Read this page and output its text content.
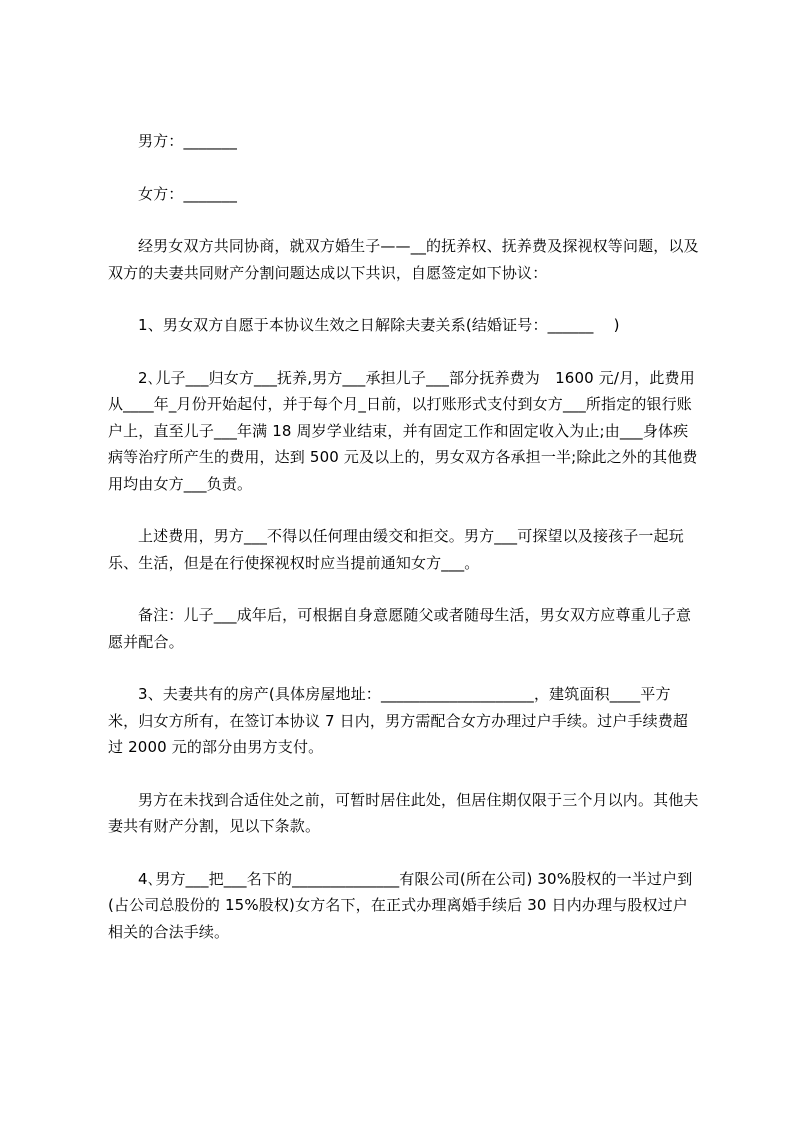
男方：_______

女方：_______

经男女双方共同协商，就双方婚生子——__的抚养权、抚养费及探视权等问题，以及双方的夫妻共同财产分割问题达成以下共识，自愿签定如下协议：

1、男女双方自愿于本协议生效之日解除夫妻关系(结婚证号：______　 )

2､儿子___归女方___抚养,男方___承担儿子___部分抚养费为　1600 元/月，此费用从____年_月份开始起付，并于每个月_日前，以打账形式支付到女方___所指定的银行账户上，直至儿子___年满 18 周岁学业结束，并有固定工作和固定收入为止;由___身体疾病等治疗所产生的费用，达到 500 元及以上的，男女双方各承担一半;除此之外的其他费用均由女方___负责。

上述费用，男方___不得以任何理由缓交和拒交。男方___可探望以及接孩子一起玩乐、生活，但是在行使探视权时应当提前通知女方___。

备注：儿子___成年后，可根据自身意愿随父或者随母生活，男女双方应尊重儿子意愿并配合。

3、夫妻共有的房产(具体房屋地址：____________________，建筑面积____平方米，归女方所有，在签订本协议 7 日内，男方需配合女方办理过户手续。过户手续费超过 2000 元的部分由男方支付。

男方在未找到合适住处之前，可暂时居住此处，但居住期仅限于三个月以内。其他夫妻共有财产分割，见以下条款。

4､男方___把___名下的______________有限公司(所在公司) 30%股权的一半过户到(占公司总股份的 15%股权)女方名下，在正式办理离婚手续后 30 日内办理与股权过户相关的合法手续。
